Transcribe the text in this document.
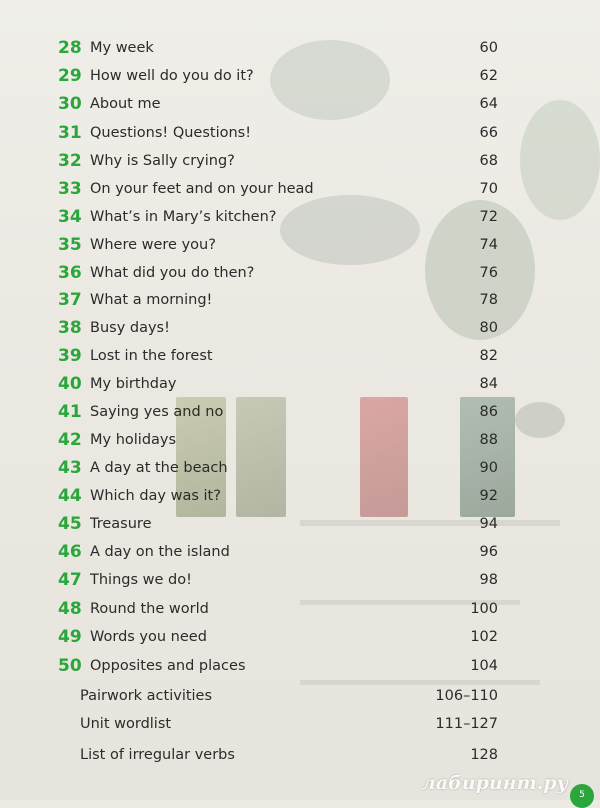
28 My week	60
29 How well do you do it?	62
30 About me	64
31 Questions! Questions!	66
32 Why is Sally crying?	68
33 On your feet and on your head	70
34 What’s in Mary’s kitchen?	72
35 Where were you?	74
36 What did you do then?	76
37 What a morning!	78
38 Busy days!	80
39 Lost in the forest	82
40 My birthday	84
41 Saying yes and no	86
42 My holidays	88
43 A day at the beach	90
44 Which day was it?	92
45 Treasure	94
46 A day on the island	96
47 Things we do!	98
48 Round the world	100
49 Words you need	102
50 Opposites and places	104
Pairwork activities	106–110
Unit wordlist	111–127
List of irregular verbs	128
лабиринт.ру
5
